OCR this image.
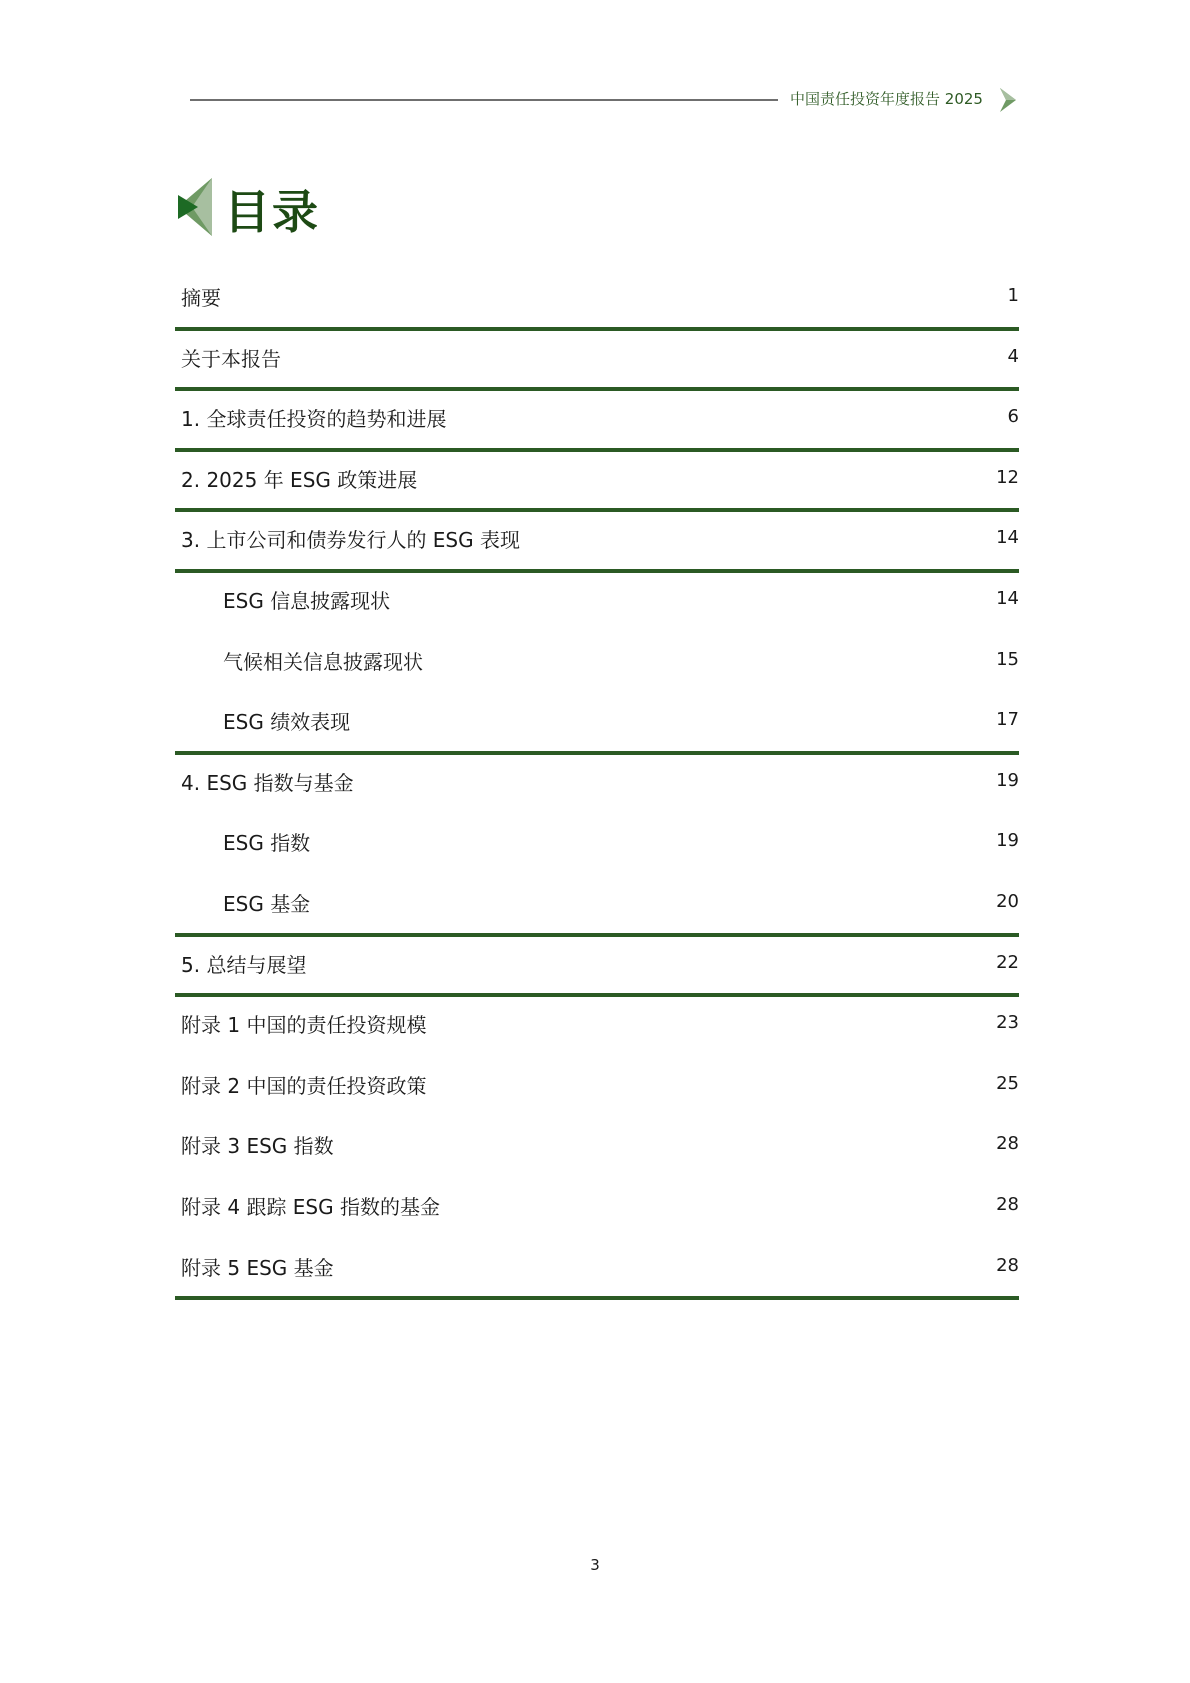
中国责任投资年度报告 2025
目录
摘要	1
关于本报告	4
1. 全球责任投资的趋势和进展	6
2. 2025 年 ESG 政策进展	12
3. 上市公司和债券发行人的 ESG 表现	14
ESG 信息披露现状	14
气候相关信息披露现状	15
ESG 绩效表现	17
4. ESG 指数与基金	19
ESG 指数	19
ESG 基金	20
5. 总结与展望	22
附录 1 中国的责任投资规模	23
附录 2 中国的责任投资政策	25
附录 3 ESG 指数	28
附录 4 跟踪 ESG 指数的基金	28
附录 5 ESG 基金	28
3
